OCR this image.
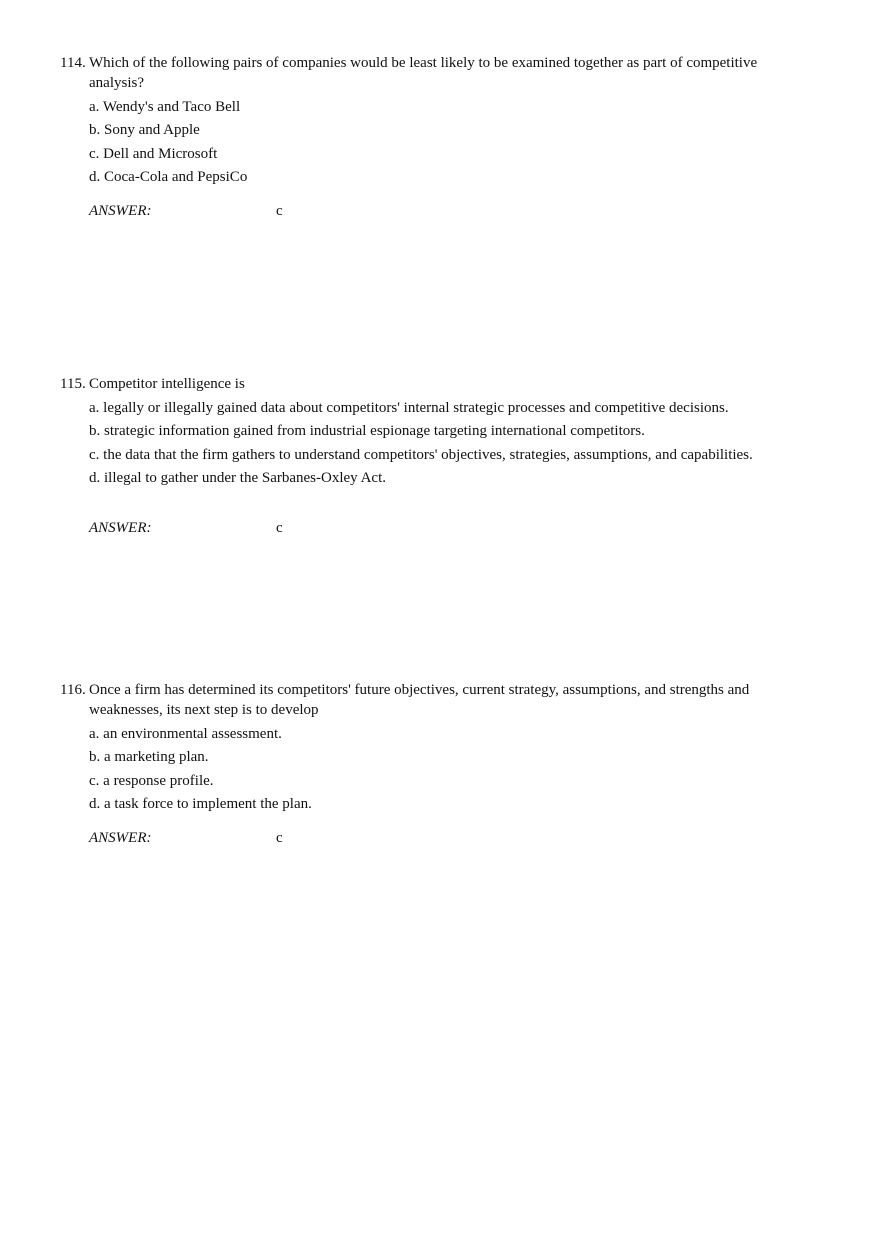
114. Which of the following pairs of companies would be least likely to be examined together as part of competitive analysis?
a. Wendy's and Taco Bell
b. Sony and Apple
c. Dell and Microsoft
d. Coca-Cola and PepsiCo
ANSWER:	c
115. Competitor intelligence is
a. legally or illegally gained data about competitors' internal strategic processes and competitive decisions.
b. strategic information gained from industrial espionage targeting international competitors.
c. the data that the firm gathers to understand competitors' objectives, strategies, assumptions, and capabilities.
d. illegal to gather under the Sarbanes-Oxley Act.
ANSWER:	c
116. Once a firm has determined its competitors' future objectives, current strategy, assumptions, and strengths and weaknesses, its next step is to develop
a. an environmental assessment.
b. a marketing plan.
c. a response profile.
d. a task force to implement the plan.
ANSWER:	c
